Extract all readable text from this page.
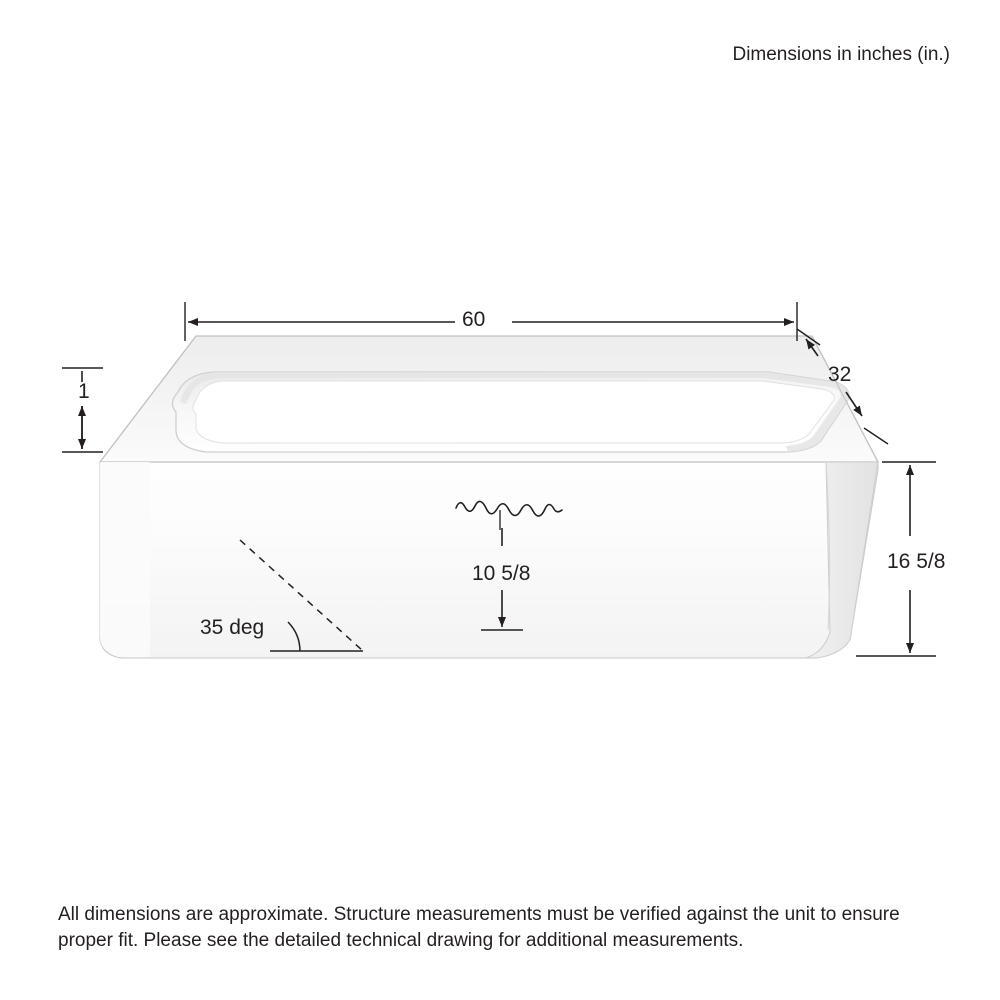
60
32
1
16 5/8
10 5/8
35 deg
Dimensions in inches (in.)
All dimensions are approximate. Structure measurements must be verified against the unit to ensure proper fit. Please see the detailed technical drawing for additional measurements.
